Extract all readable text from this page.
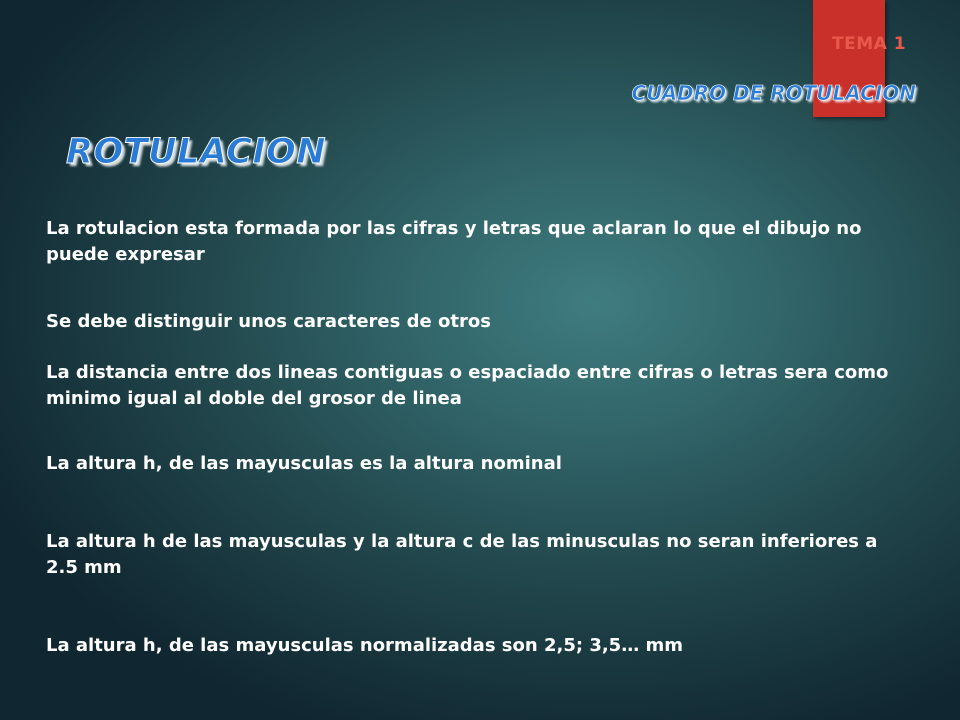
TEMA 1
CUADRO DE ROTULACION
ROTULACION
La rotulacion esta formada por las cifras y letras que aclaran lo que el dibujo no puede expresar
Se debe distinguir unos caracteres de otros
La distancia entre dos lineas contiguas o espaciado entre cifras o letras sera como minimo igual al doble del grosor de linea
La altura h, de las mayusculas es la altura nominal
La altura h de las mayusculas y la altura c de las minusculas no seran inferiores a 2.5 mm
La altura h, de las mayusculas normalizadas son 2,5; 3,5… mm
